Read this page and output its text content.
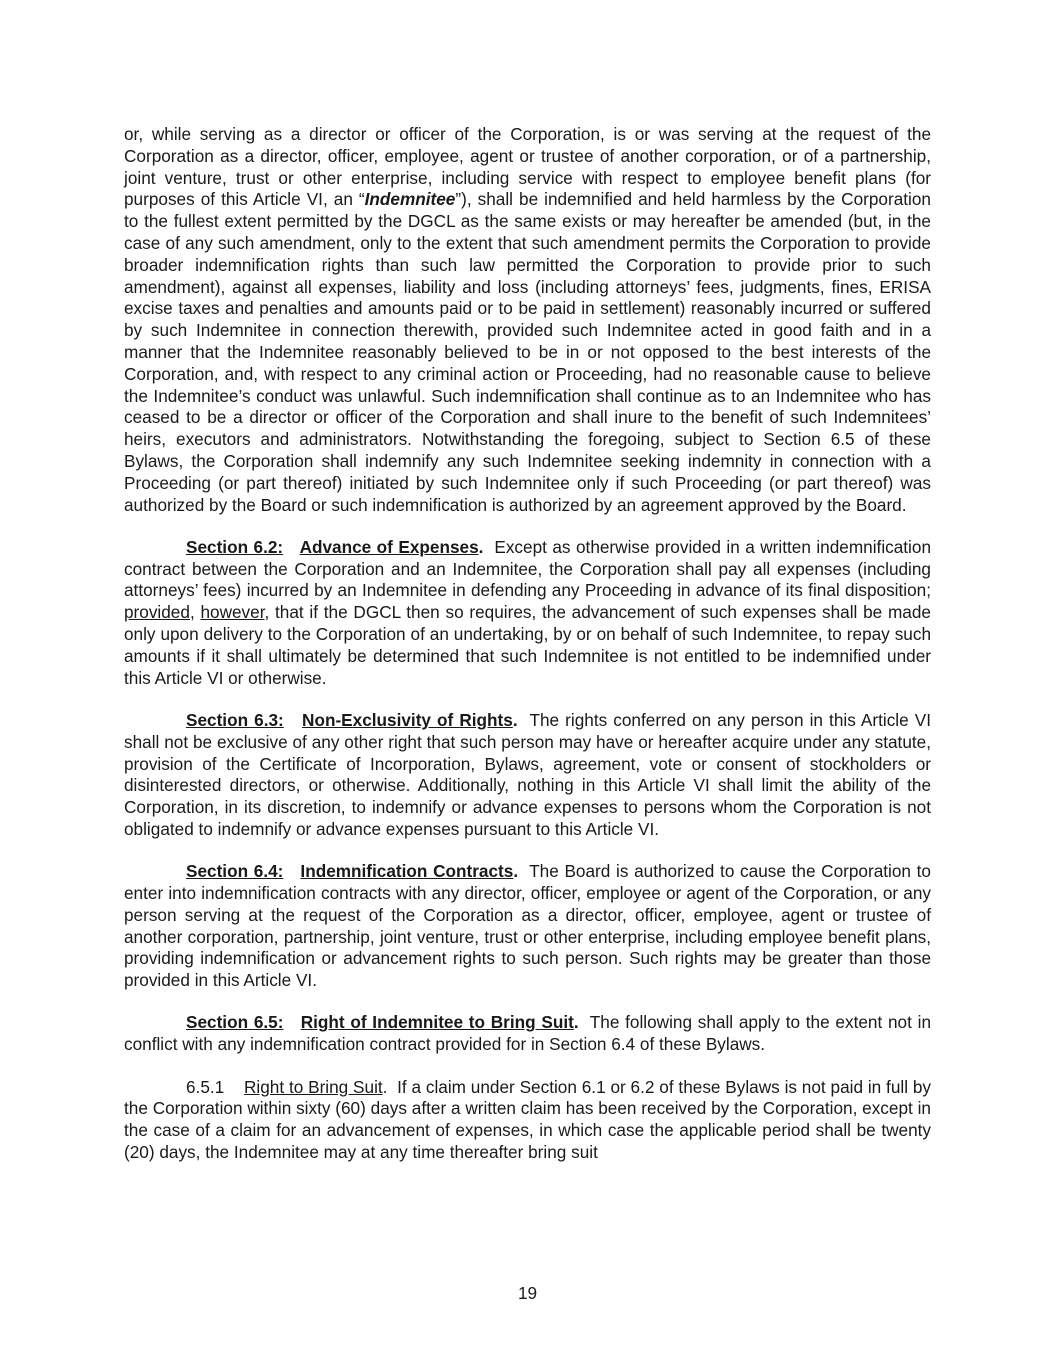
or, while serving as a director or officer of the Corporation, is or was serving at the request of the Corporation as a director, officer, employee, agent or trustee of another corporation, or of a partnership, joint venture, trust or other enterprise, including service with respect to employee benefit plans (for purposes of this Article VI, an “Indemnitee”), shall be indemnified and held harmless by the Corporation to the fullest extent permitted by the DGCL as the same exists or may hereafter be amended (but, in the case of any such amendment, only to the extent that such amendment permits the Corporation to provide broader indemnification rights than such law permitted the Corporation to provide prior to such amendment), against all expenses, liability and loss (including attorneys’ fees, judgments, fines, ERISA excise taxes and penalties and amounts paid or to be paid in settlement) reasonably incurred or suffered by such Indemnitee in connection therewith, provided such Indemnitee acted in good faith and in a manner that the Indemnitee reasonably believed to be in or not opposed to the best interests of the Corporation, and, with respect to any criminal action or Proceeding, had no reasonable cause to believe the Indemnitee’s conduct was unlawful. Such indemnification shall continue as to an Indemnitee who has ceased to be a director or officer of the Corporation and shall inure to the benefit of such Indemnitees’ heirs, executors and administrators. Notwithstanding the foregoing, subject to Section 6.5 of these Bylaws, the Corporation shall indemnify any such Indemnitee seeking indemnity in connection with a Proceeding (or part thereof) initiated by such Indemnitee only if such Proceeding (or part thereof) was authorized by the Board or such indemnification is authorized by an agreement approved by the Board.

Section 6.2: Advance of Expenses. Except as otherwise provided in a written indemnification contract between the Corporation and an Indemnitee, the Corporation shall pay all expenses (including attorneys’ fees) incurred by an Indemnitee in defending any Proceeding in advance of its final disposition; provided, however, that if the DGCL then so requires, the advancement of such expenses shall be made only upon delivery to the Corporation of an undertaking, by or on behalf of such Indemnitee, to repay such amounts if it shall ultimately be determined that such Indemnitee is not entitled to be indemnified under this Article VI or otherwise.

Section 6.3: Non-Exclusivity of Rights. The rights conferred on any person in this Article VI shall not be exclusive of any other right that such person may have or hereafter acquire under any statute, provision of the Certificate of Incorporation, Bylaws, agreement, vote or consent of stockholders or disinterested directors, or otherwise. Additionally, nothing in this Article VI shall limit the ability of the Corporation, in its discretion, to indemnify or advance expenses to persons whom the Corporation is not obligated to indemnify or advance expenses pursuant to this Article VI.

Section 6.4: Indemnification Contracts. The Board is authorized to cause the Corporation to enter into indemnification contracts with any director, officer, employee or agent of the Corporation, or any person serving at the request of the Corporation as a director, officer, employee, agent or trustee of another corporation, partnership, joint venture, trust or other enterprise, including employee benefit plans, providing indemnification or advancement rights to such person. Such rights may be greater than those provided in this Article VI.

Section 6.5: Right of Indemnitee to Bring Suit. The following shall apply to the extent not in conflict with any indemnification contract provided for in Section 6.4 of these Bylaws.

6.5.1 Right to Bring Suit.  If a claim under Section 6.1 or 6.2 of these Bylaws is not paid in full by the Corporation within sixty (60) days after a written claim has been received by the Corporation, except in the case of a claim for an advancement of expenses, in which case the applicable period shall be twenty (20) days, the Indemnitee may at any time thereafter bring suit

19
